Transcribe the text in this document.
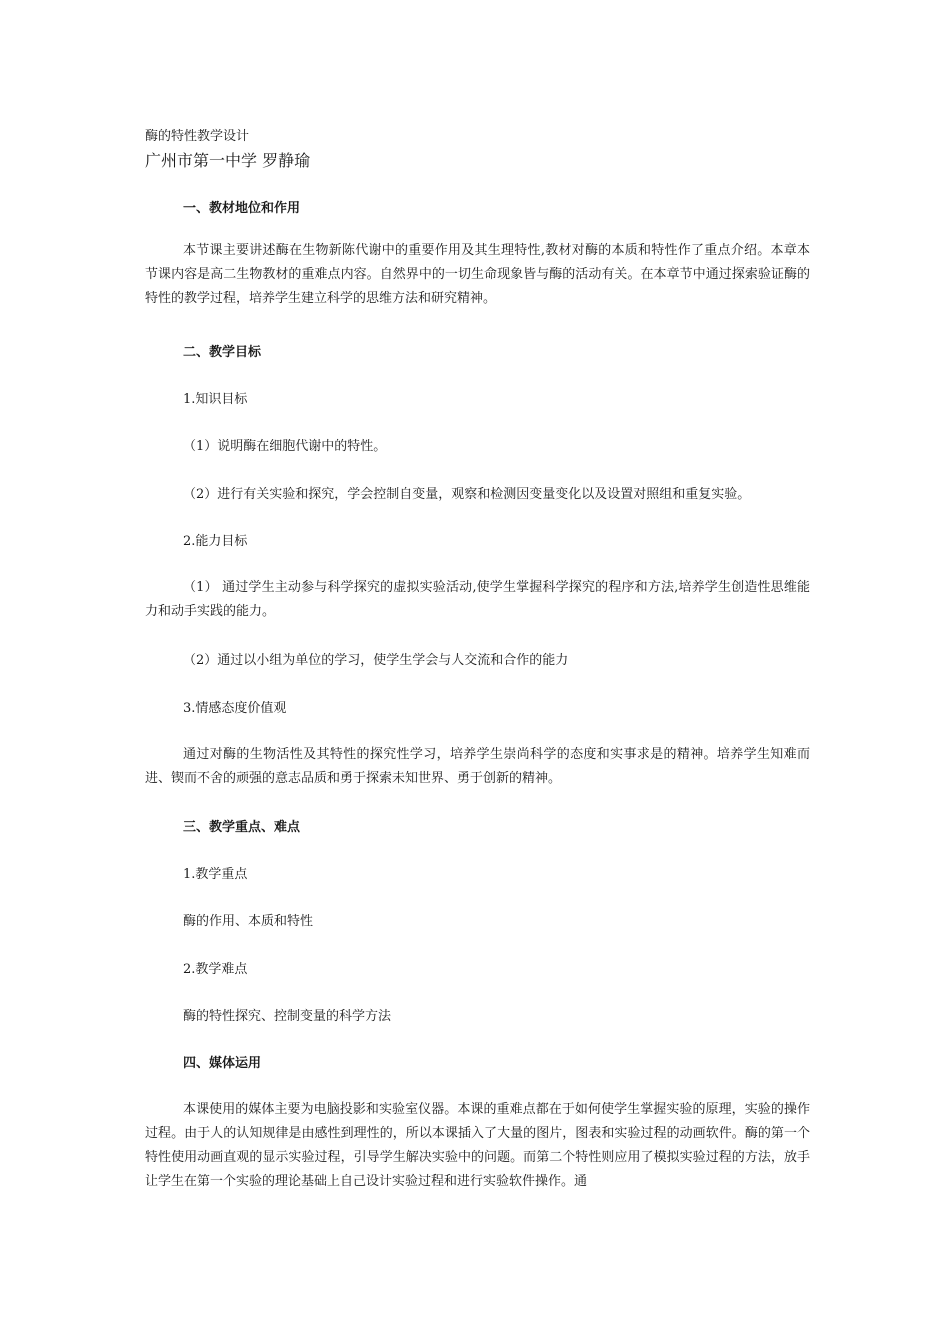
酶的特性教学设计
广州市第一中学 罗静瑜
一、教材地位和作用
本节课主要讲述酶在生物新陈代谢中的重要作用及其生理特性,教材对酶的本质和特性作了重点介绍。本章本节课内容是高二生物教材的重难点内容。自然界中的一切生命现象皆与酶的活动有关。在本章节中通过探索验证酶的特性的教学过程，培养学生建立科学的思维方法和研究精神。
二、教学目标
1.知识目标
（1）说明酶在细胞代谢中的特性。
（2）进行有关实验和探究，学会控制自变量，观察和检测因变量变化以及设置对照组和重复实验。
2.能力目标
（1） 通过学生主动参与科学探究的虚拟实验活动,使学生掌握科学探究的程序和方法,培养学生创造性思维能力和动手实践的能力。
（2）通过以小组为单位的学习，使学生学会与人交流和合作的能力
3.情感态度价值观
通过对酶的生物活性及其特性的探究性学习，培养学生崇尚科学的态度和实事求是的精神。培养学生知难而进、锲而不舍的顽强的意志品质和勇于探索未知世界、勇于创新的精神。
三、教学重点、难点
1.教学重点
酶的作用、本质和特性
2.教学难点
酶的特性探究、控制变量的科学方法
四、媒体运用
本课使用的媒体主要为电脑投影和实验室仪器。本课的重难点都在于如何使学生掌握实验的原理，实验的操作过程。由于人的认知规律是由感性到理性的，所以本课插入了大量的图片，图表和实验过程的动画软件。酶的第一个特性使用动画直观的显示实验过程，引导学生解决实验中的问题。而第二个特性则应用了模拟实验过程的方法，放手让学生在第一个实验的理论基础上自己设计实验过程和进行实验软件操作。通
